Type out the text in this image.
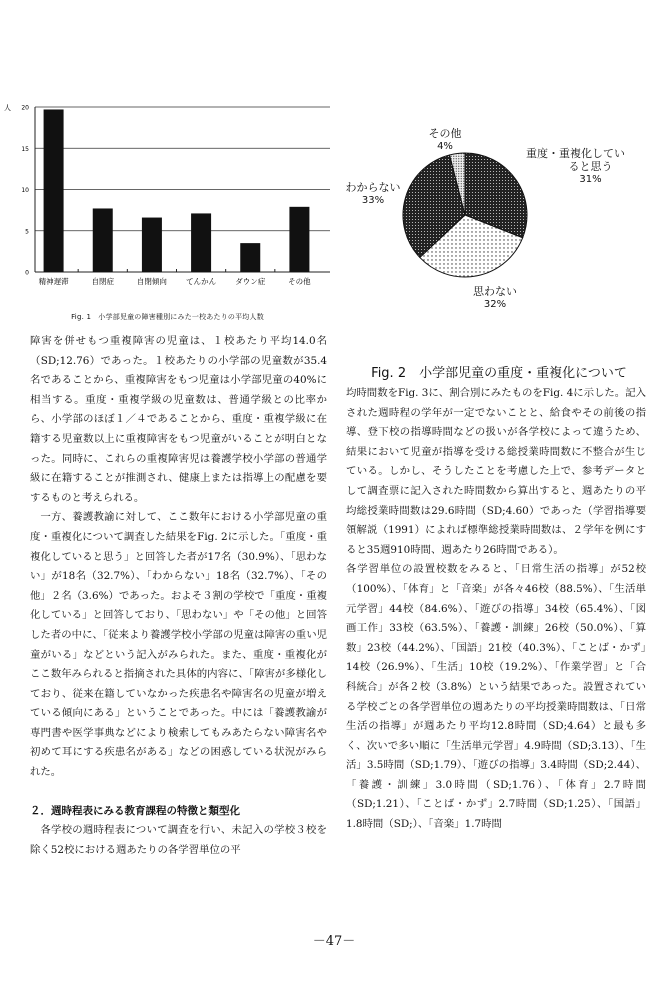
0
5
10
15
20
精神遅滞	自閉症	自閉傾向	てんかん	ダウン症	その他
人
Fig. 1　小学部児童の障害種別にみた一校あたりの平均人数
その他
4%
重度・重複化してい
ると思う
31%
わからない
33%
思わない
32%
Fig. 2　小学部児童の重度・重複化について

障害を併せもつ重複障害の児童は、１校あたり平均14.0名（SD;12.76）であった。１校あたりの小学部の児童数が35.4名であることから、重複障害をもつ児童は小学部児童の40%に相当する。重度・重複学級の児童数は、普通学級との比率から、小学部のほぼ１／４であることから、重度・重複学級に在籍する児童数以上に重複障害をもつ児童がいることが明白となった。同時に、これらの重複障害児は養護学校小学部の普通学級に在籍することが推測され、健康上または指導上の配慮を要するものと考えられる。

一方、養護教諭に対して、ここ数年における小学部児童の重度・重複化について調査した結果をFig. 2に示した。「重度・重複化していると思う」と回答した者が17名（30.9%）、「思わない」が18名（32.7%）、「わからない」18名（32.7%）、「その他」２名（3.6%）であった。およそ３割の学校で「重度・重複化している」と回答しており、「思わない」や「その他」と回答した者の中に、「従来より養護学校小学部の児童は障害の重い児童がいる」などという記入がみられた。また、重度・重複化がここ数年みられると指摘された具体的内容に、「障害が多様化しており、従来在籍していなかった疾患名や障害名の児童が増えている傾向にある」ということであった。中には「養護教諭が専門書や医学事典などにより検索してもみあたらない障害名や初めて耳にする疾患名がある」などの困惑している状況がみられた。

２．週時程表にみる教育課程の特徴と類型化

各学校の週時程表について調査を行い、未記入の学校３校を除く52校における週あたりの各学習単位の平

均時間数をFig. 3に、割合別にみたものをFig. 4に示した。記入された週時程の学年が一定でないことと、給食やその前後の指導、登下校の指導時間などの扱いが各学校によって違うため、結果において児童が指導を受ける総授業時間数に不整合が生じている。しかし、そうしたことを考慮した上で、参考データとして調査票に記入された時間数から算出すると、週あたりの平均総授業時間数は29.6時間（SD;4.60）であった（学習指導要領解説（1991）によれば標準総授業時間数は、２学年を例にすると35週910時間、週あたり26時間である）。

各学習単位の設置校数をみると、「日常生活の指導」が52校（100%）、「体育」と「音楽」が各々46校（88.5%）、「生活単元学習」44校（84.6%）、「遊びの指導」34校（65.4%）、「図画工作」33校（63.5%）、「養護・訓練」26校（50.0%）、「算数」23校（44.2%）、「国語」21校（40.3%）、「ことば・かず」14校（26.9%）、「生活」10校（19.2%）、「作業学習」と「合科統合」が各２校（3.8%）という結果であった。設置されている学校ごとの各学習単位の週あたりの平均授業時間数は、「日常生活の指導」が週あたり平均12.8時間（SD;4.64）と最も多く、次いで多い順に「生活単元学習」4.9時間（SD;3.13）、「生活」3.5時間（SD;1.79）、「遊びの指導」3.4時間（SD;2.44）、「養護・訓練」3.0時間（SD;1.76）、「体育」2.7時間（SD;1.21）、「ことば・かず」2.7時間（SD;1.25）、「国語」1.8時間（SD;）、「音楽」1.7時間

－47－
